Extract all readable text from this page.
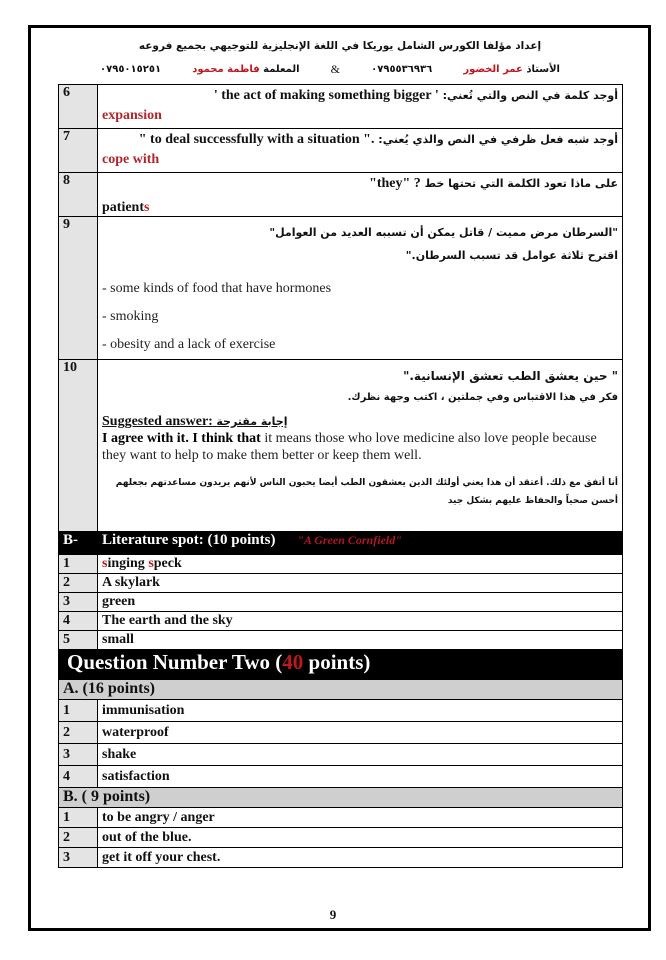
إعداد مؤلفا الكورس الشامل يوريكا في اللغة الإنجليزية للتوجيهي بجميع فروعه
الأستاذ عمر الخضور
٠٧٩٥٥٣٦٩٣٦
&
المعلمة فاطمة محمود
٠٧٩٥٠١٥٢٥١
6	أوجد كلمة في النص والتي تُعني: ' the act of making something bigger '
expansion

7	أوجد شبه فعل ظرفي في النص والذي يُعني: " to deal successfully with a situation ".
cope with

8	على ماذا تعود الكلمة التي تحتها خط "they" ?
patients

9	"السرطان مرض مميت / قاتل يمكن أن تسببه العديد من العوامل"
اقترح ثلاثة عوامل قد تسبب السرطان."
- some kinds of food that have hormones
- smoking
- obesity and a lack of exercise

10	" حين يعشق الطب تعشق الإنسانية."
فكر في هذا الاقتباس وفي جملتين ، اكتب وجهة نظرك.
Suggested answer: إجابة مقترحة
I agree with it. I think that it means those who love medicine also love people because they want to help to make them better or keep them well.
أنا أتفق مع ذلك. أعتقد أن هذا يعني أولئك الذين يعشقون الطب أيضا يحبون الناس لأنهم يريدون مساعدتهم بجعلهم أحسن صحياً والحفاظ عليهم بشكل جيد

B-	Literature spot: (10 points) "A Green Cornfield"
1	singing speck
2	A skylark
3	green
4	The earth and the sky
5	small
Question Number Two (40 points)	
A. (16 points)	
1	immunisation
2	waterproof
3	shake
4	satisfaction
B. ( 9 points)	
1	to be angry / anger
2	out of the blue.
3	get it off your chest.
9
